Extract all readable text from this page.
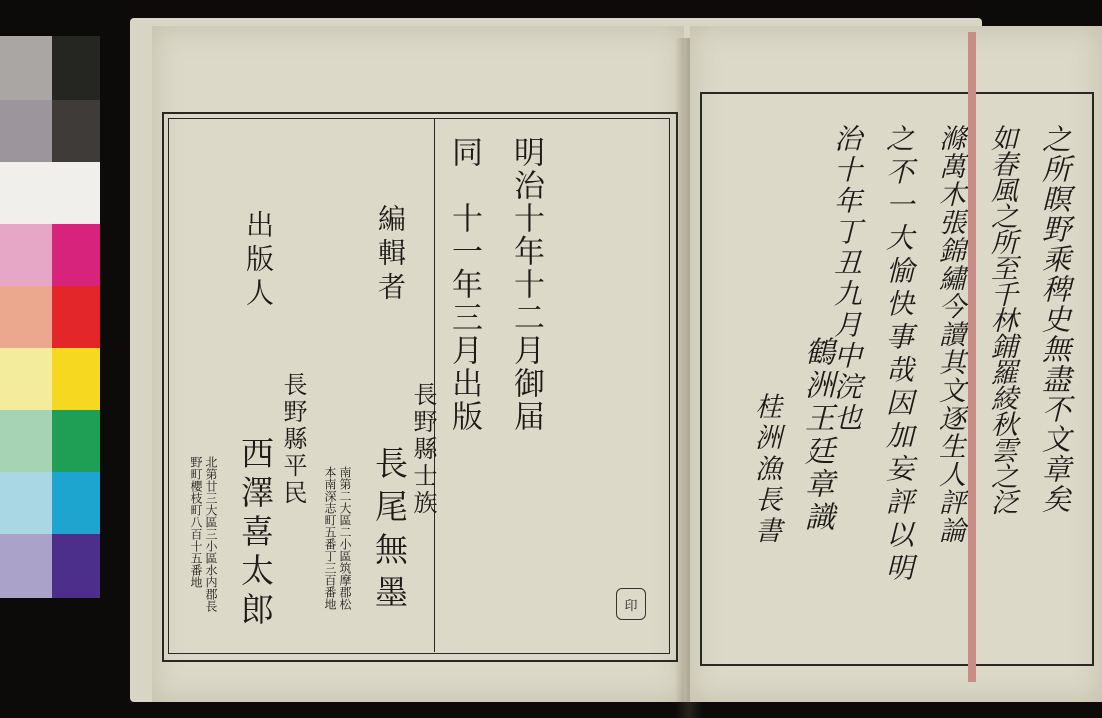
明治十年十二月御届
同　十一年三月出版
編輯者
長野縣士族
長尾無墨
南第二大區二小區筑摩郡松本南深志町五番丁三百番地
出版人
長野縣平民
西澤喜太郎
北第廿三大區三小區水内郡長野町櫻枝町八百十五番地
之所瞑野乘稗史無盡不文章矣
如春風之所至千林鋪羅綾秋雲之泛
滌萬木張錦繡今讀其文逐生人評論
之不一大愉快事哉因加妄評以明
治十年丁丑九月中浣也
鶴洲王廷章識
桂洲漁長書
印
